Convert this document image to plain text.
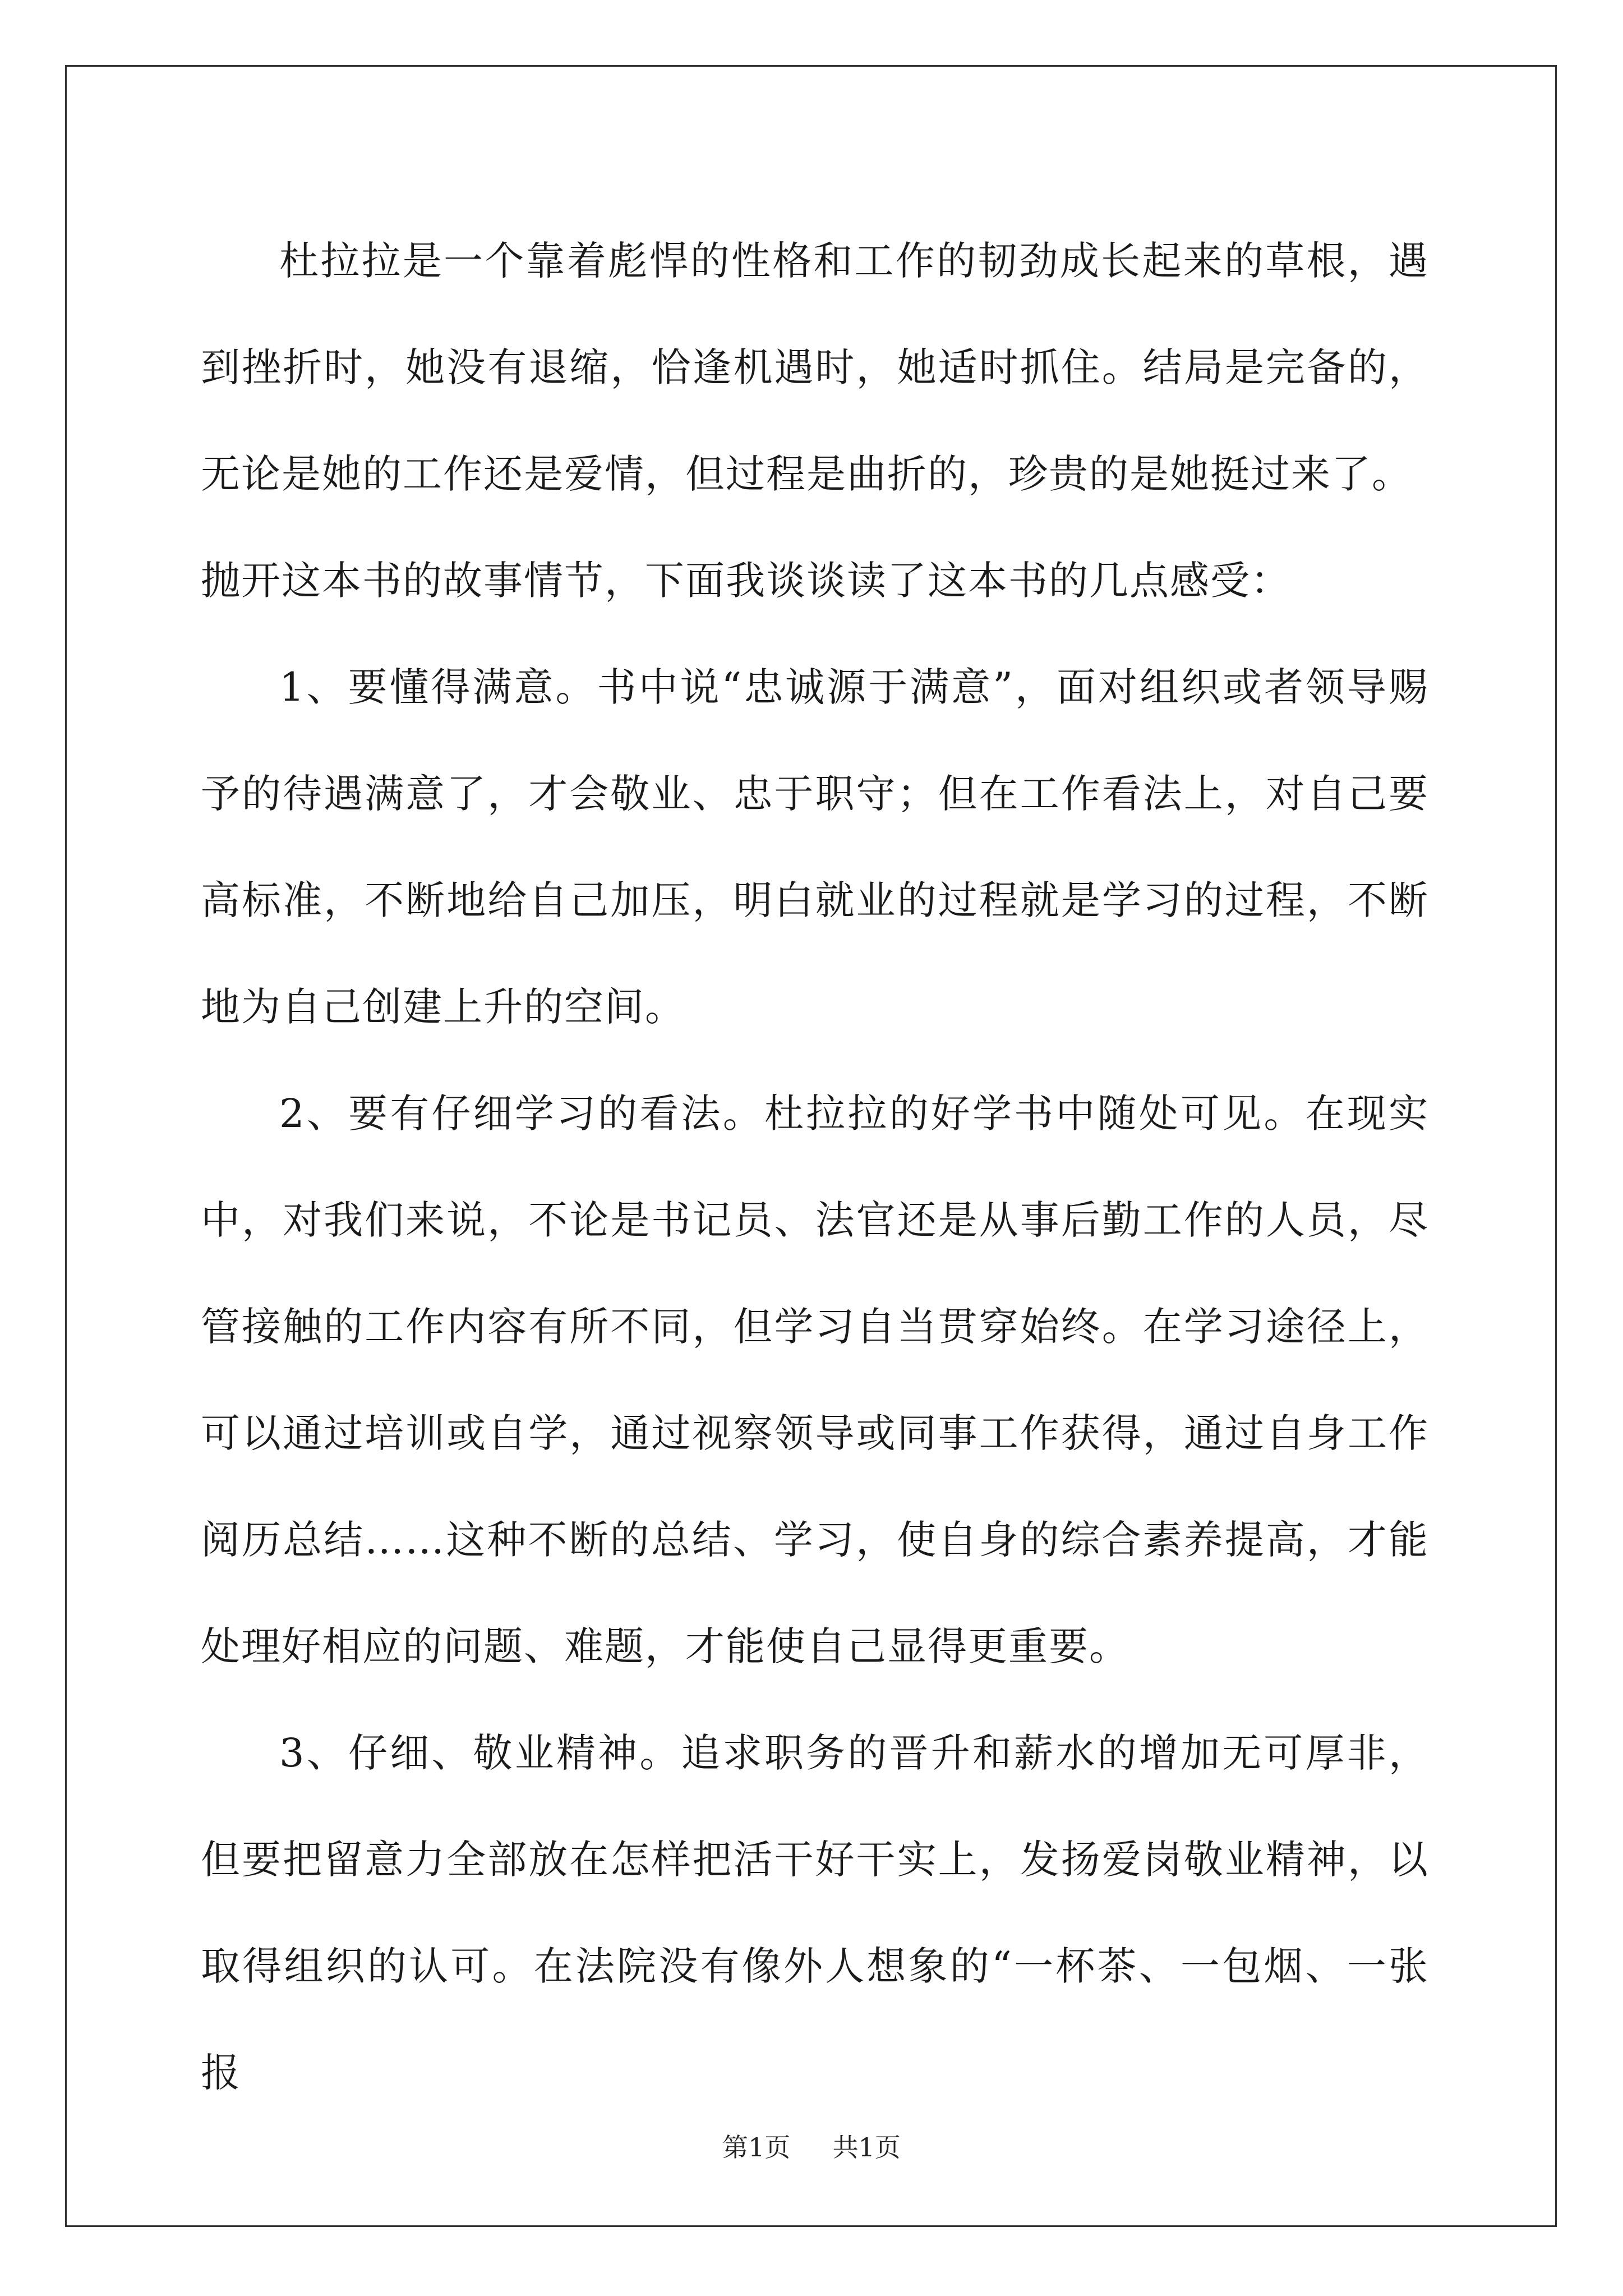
杜拉拉是一个靠着彪悍的性格和工作的韧劲成长起来的草根，遇到挫折时，她没有退缩，恰逢机遇时，她适时抓住。结局是完备的，无论是她的工作还是爱情，但过程是曲折的，珍贵的是她挺过来了。

抛开这本书的故事情节，下面我谈谈读了这本书的几点感受：

1、要懂得满意。书中说“忠诚源于满意”，面对组织或者领导赐予的待遇满意了，才会敬业、忠于职守；但在工作看法上，对自己要高标准，不断地给自己加压，明白就业的过程就是学习的过程，不断地为自己创建上升的空间。

2、要有仔细学习的看法。杜拉拉的好学书中随处可见。在现实中，对我们来说，不论是书记员、法官还是从事后勤工作的人员，尽管接触的工作内容有所不同，但学习自当贯穿始终。在学习途径上，可以通过培训或自学，通过视察领导或同事工作获得，通过自身工作阅历总结……这种不断的总结、学习，使自身的综合素养提高，才能处理好相应的问题、难题，才能使自己显得更重要。

3、仔细、敬业精神。追求职务的晋升和薪水的增加无可厚非，但要把留意力全部放在怎样把活干好干实上，发扬爱岗敬业精神，以取得组织的认可。在法院没有像外人想象的“一杯茶、一包烟、一张报

第1页 共1页
